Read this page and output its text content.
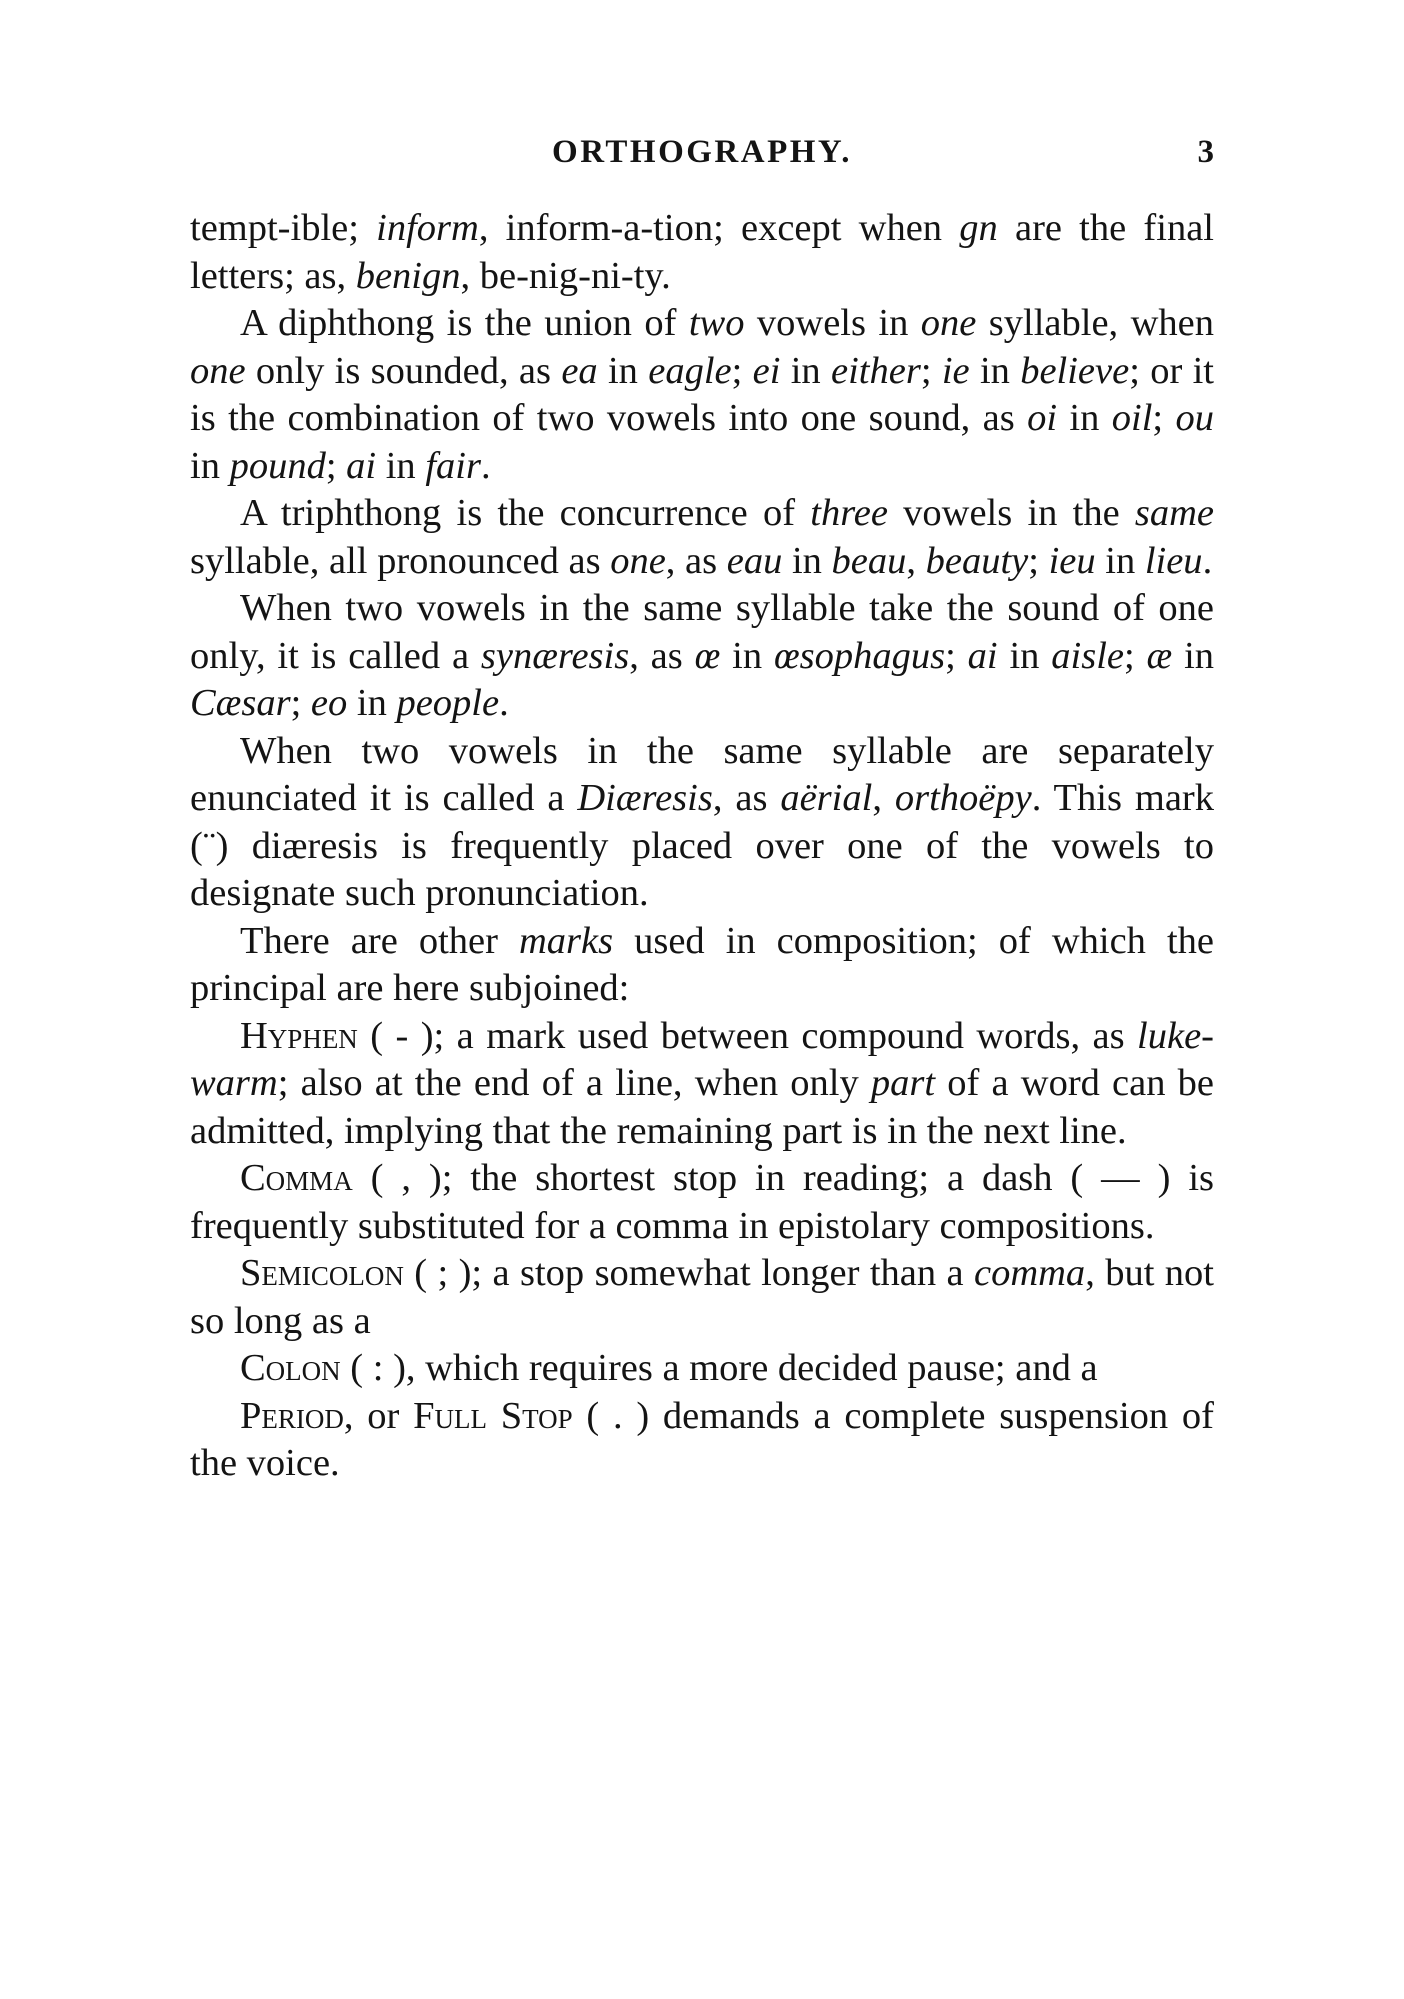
ORTHOGRAPHY.	3

tempt-ible; inform, inform-a-tion; except when gn are the final letters; as, benign, be-nig-ni-ty.

A diphthong is the union of two vowels in one syllable, when one only is sounded, as ea in eagle; ei in either; ie in believe; or it is the combination of two vowels into one sound, as oi in oil; ou in pound; ai in fair.

A triphthong is the concurrence of three vowels in the same syllable, all pronounced as one, as eau in beau, beauty; ieu in lieu.

When two vowels in the same syllable take the sound of one only, it is called a synæresis, as œ in œsophagus; ai in aisle; æ in Cæsar; eo in people.

When two vowels in the same syllable are separately enunciated it is called a Diæresis, as aërial, orthoëpy. This mark (¨) diæresis is frequently placed over one of the vowels to designate such pronunciation.

There are other marks used in composition; of which the principal are here subjoined:

Hyphen ( - ); a mark used between compound words, as luke-warm; also at the end of a line, when only part of a word can be admitted, implying that the remaining part is in the next line.

Comma ( , ); the shortest stop in reading; a dash ( — ) is frequently substituted for a comma in epistolary compositions.

Semicolon ( ; ); a stop somewhat longer than a comma, but not so long as a

Colon ( : ), which requires a more decided pause; and a

Period, or Full Stop ( . ) demands a complete suspension of the voice.
